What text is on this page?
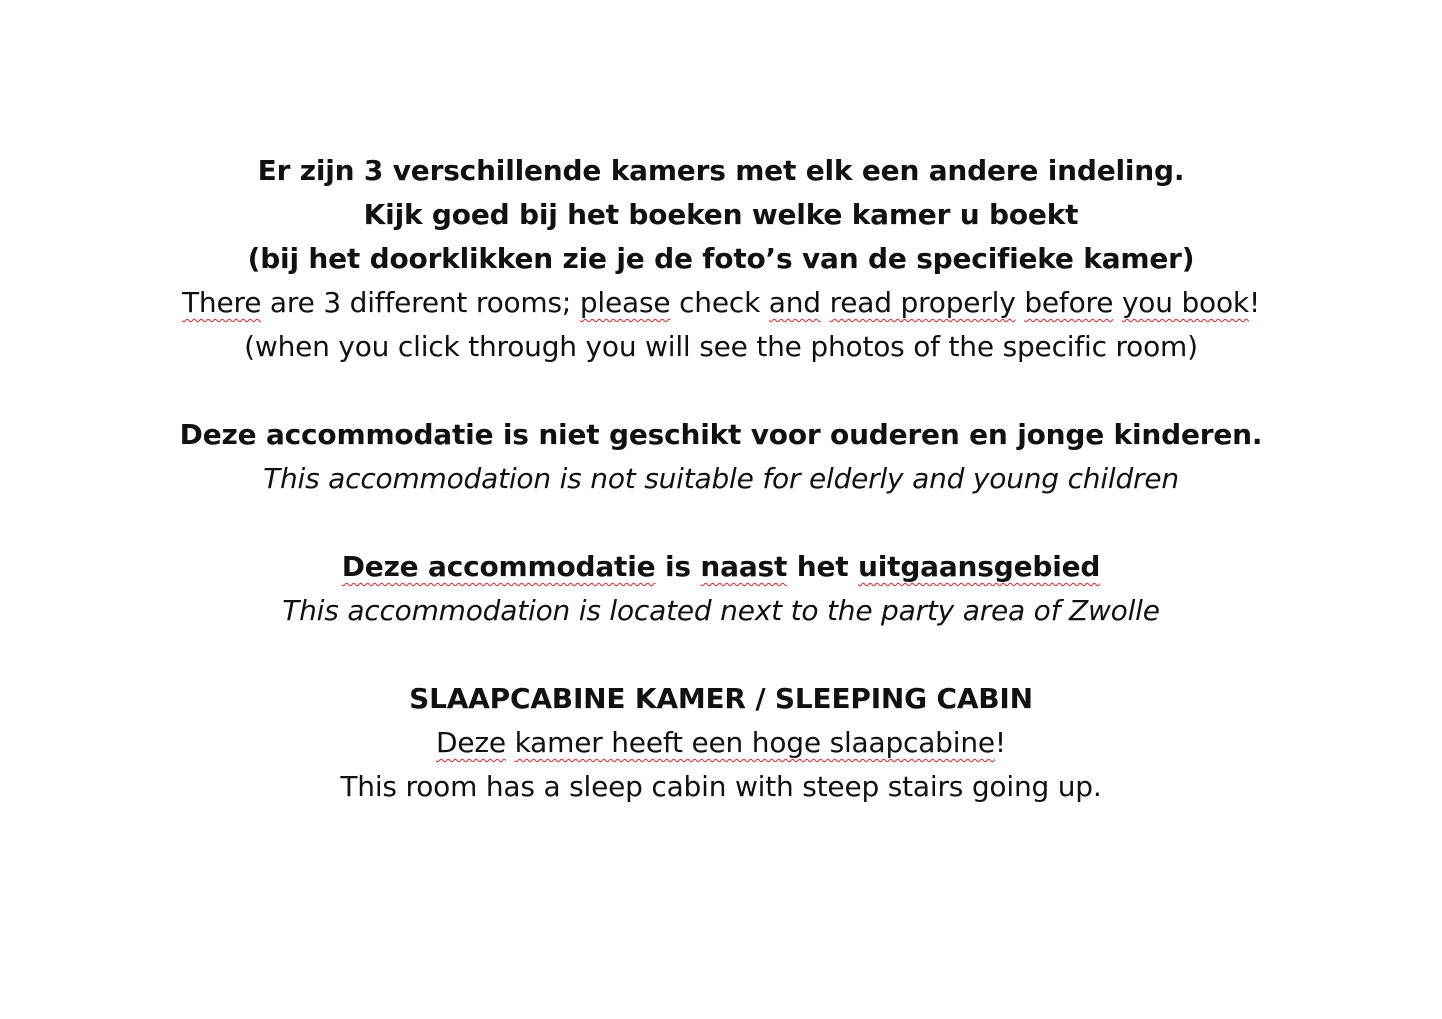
Er zijn 3 verschillende kamers met elk een andere indeling.
Kijk goed bij het boeken welke kamer u boekt
(bij het doorklikken zie je de foto’s van de specifieke kamer)
There are 3 different rooms; please check and read properly before you book!
(when you click through you will see the photos of the specific room)
Deze accommodatie is niet geschikt voor ouderen en jonge kinderen.
This accommodation is not suitable for elderly and young children
Deze accommodatie is naast het uitgaansgebied
This accommodation is located next to the party area of Zwolle
SLAAPCABINE KAMER / SLEEPING CABIN
Deze kamer heeft een hoge slaapcabine!
This room has a sleep cabin with steep stairs going up.
